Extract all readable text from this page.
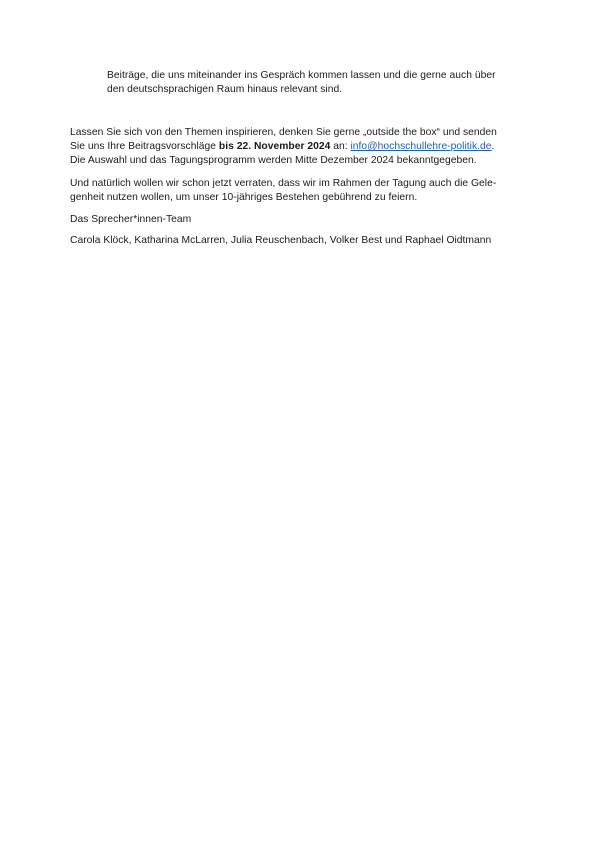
Beiträge, die uns miteinander ins Gespräch kommen lassen und die gerne auch über
den deutschsprachigen Raum hinaus relevant sind.
Lassen Sie sich von den Themen inspirieren, denken Sie gerne „outside the box“ und senden
Sie uns Ihre Beitragsvorschläge bis 22. November 2024 an: info@hochschullehre-politik.de.
Die Auswahl und das Tagungsprogramm werden Mitte Dezember 2024 bekanntgegeben.
Und natürlich wollen wir schon jetzt verraten, dass wir im Rahmen der Tagung auch die Gele-
genheit nutzen wollen, um unser 10-jähriges Bestehen gebührend zu feiern.
Das Sprecher*innen-Team
Carola Klöck, Katharina McLarren, Julia Reuschenbach, Volker Best und Raphael Oidtmann
